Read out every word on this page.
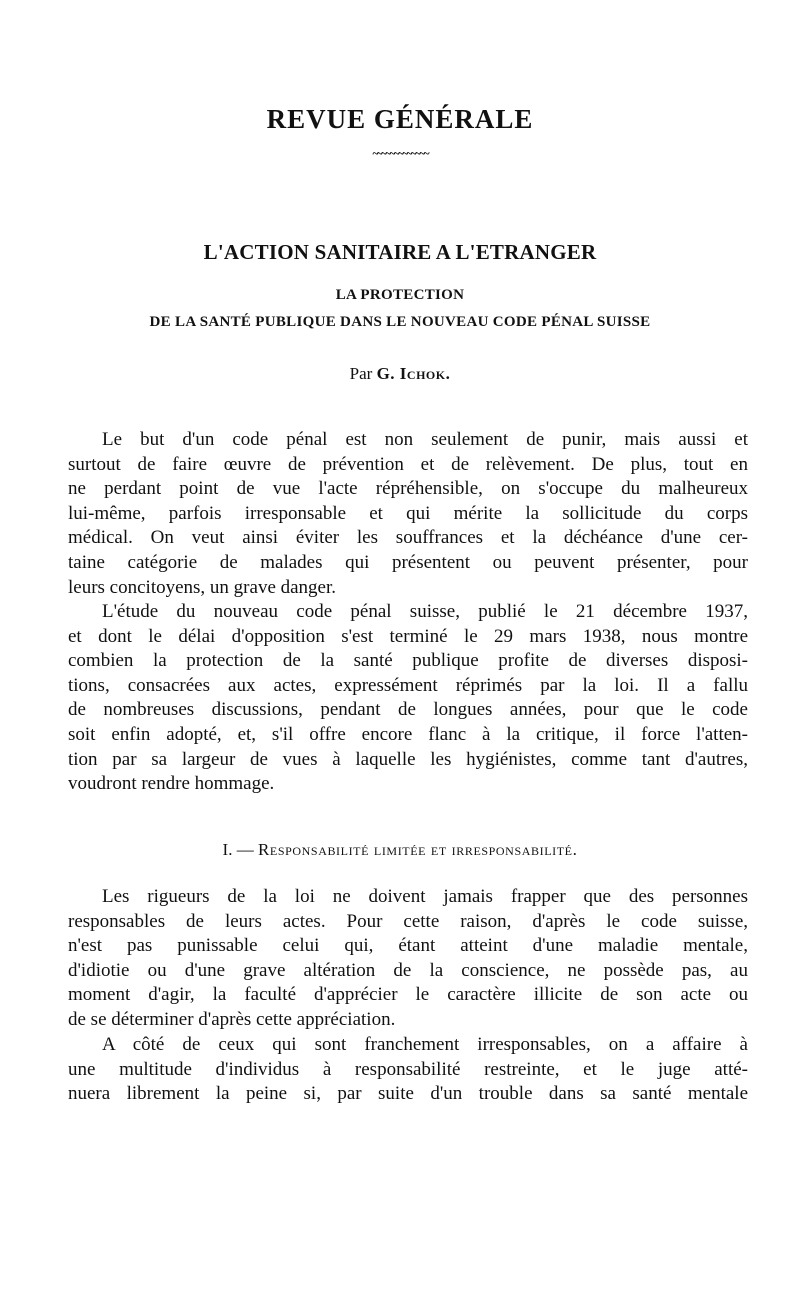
REVUE GÉNÉRALE
~~~~~~~~~~~~~
L'ACTION SANITAIRE A L'ETRANGER
LA PROTECTION
DE LA SANTÉ PUBLIQUE DANS LE NOUVEAU CODE PÉNAL SUISSE
Par G. Ichok.

Le but d'un code pénal est non seulement de punir, mais aussi et
surtout de faire œuvre de prévention et de relèvement. De plus, tout en
ne perdant point de vue l'acte répréhensible, on s'occupe du malheureux
lui-même, parfois irresponsable et qui mérite la sollicitude du corps
médical. On veut ainsi éviter les souffrances et la déchéance d'une cer-
taine catégorie de malades qui présentent ou peuvent présenter, pour
leurs concitoyens, un grave danger.

L'étude du nouveau code pénal suisse, publié le 21 décembre 1937,
et dont le délai d'opposition s'est terminé le 29 mars 1938, nous montre
combien la protection de la santé publique profite de diverses disposi-
tions, consacrées aux actes, expressément réprimés par la loi. Il a fallu
de nombreuses discussions, pendant de longues années, pour que le code
soit enfin adopté, et, s'il offre encore flanc à la critique, il force l'atten-
tion par sa largeur de vues à laquelle les hygiénistes, comme tant d'autres,
voudront rendre hommage.

I. — Responsabilité limitée et irresponsabilité.

Les rigueurs de la loi ne doivent jamais frapper que des personnes
responsables de leurs actes. Pour cette raison, d'après le code suisse,
n'est pas punissable celui qui, étant atteint d'une maladie mentale,
d'idiotie ou d'une grave altération de la conscience, ne possède pas, au
moment d'agir, la faculté d'apprécier le caractère illicite de son acte ou
de se déterminer d'après cette appréciation.

A côté de ceux qui sont franchement irresponsables, on a affaire à
une multitude d'individus à responsabilité restreinte, et le juge atté-
nuera librement la peine si, par suite d'un trouble dans sa santé mentale
